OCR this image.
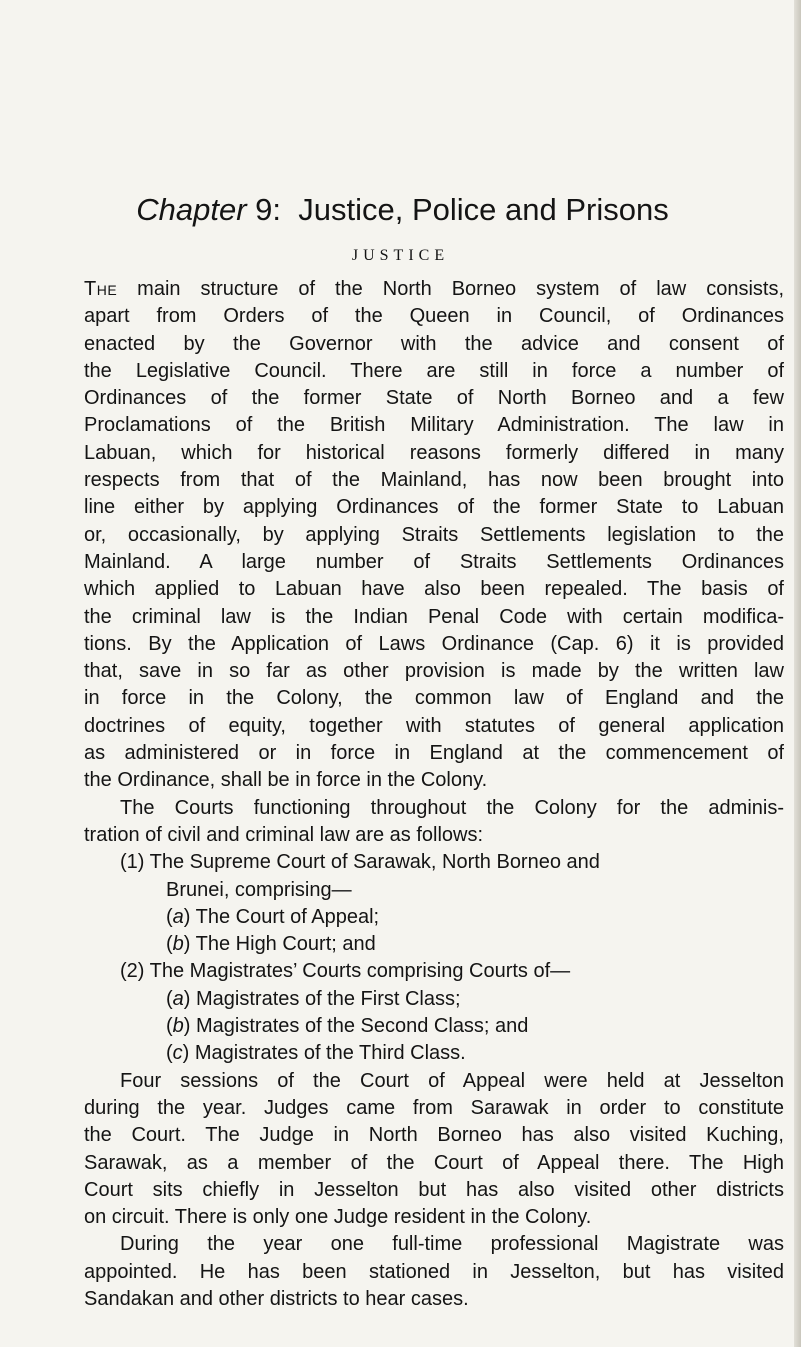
Chapter 9: Justice, Police and Prisons
JUSTICE
The main structure of the North Borneo system of law consists,
apart from Orders of the Queen in Council, of Ordinances
enacted by the Governor with the advice and consent of
the Legislative Council. There are still in force a number of
Ordinances of the former State of North Borneo and a few
Proclamations of the British Military Administration. The law in
Labuan, which for historical reasons formerly differed in many
respects from that of the Mainland, has now been brought into
line either by applying Ordinances of the former State to Labuan
or, occasionally, by applying Straits Settlements legislation to the
Mainland. A large number of Straits Settlements Ordinances
which applied to Labuan have also been repealed. The basis of
the criminal law is the Indian Penal Code with certain modifica-
tions. By the Application of Laws Ordinance (Cap. 6) it is provided
that, save in so far as other provision is made by the written law
in force in the Colony, the common law of England and the
doctrines of equity, together with statutes of general application
as administered or in force in England at the commencement of
the Ordinance, shall be in force in the Colony.
The Courts functioning throughout the Colony for the adminis-
tration of civil and criminal law are as follows:
(1) The Supreme Court of Sarawak, North Borneo and
Brunei, comprising—
(a) The Court of Appeal;
(b) The High Court; and
(2) The Magistrates’ Courts comprising Courts of—
(a) Magistrates of the First Class;
(b) Magistrates of the Second Class; and
(c) Magistrates of the Third Class.
Four sessions of the Court of Appeal were held at Jesselton
during the year. Judges came from Sarawak in order to constitute
the Court. The Judge in North Borneo has also visited Kuching,
Sarawak, as a member of the Court of Appeal there. The High
Court sits chiefly in Jesselton but has also visited other districts
on circuit. There is only one Judge resident in the Colony.
During the year one full-time professional Magistrate was
appointed. He has been stationed in Jesselton, but has visited
Sandakan and other districts to hear cases.
